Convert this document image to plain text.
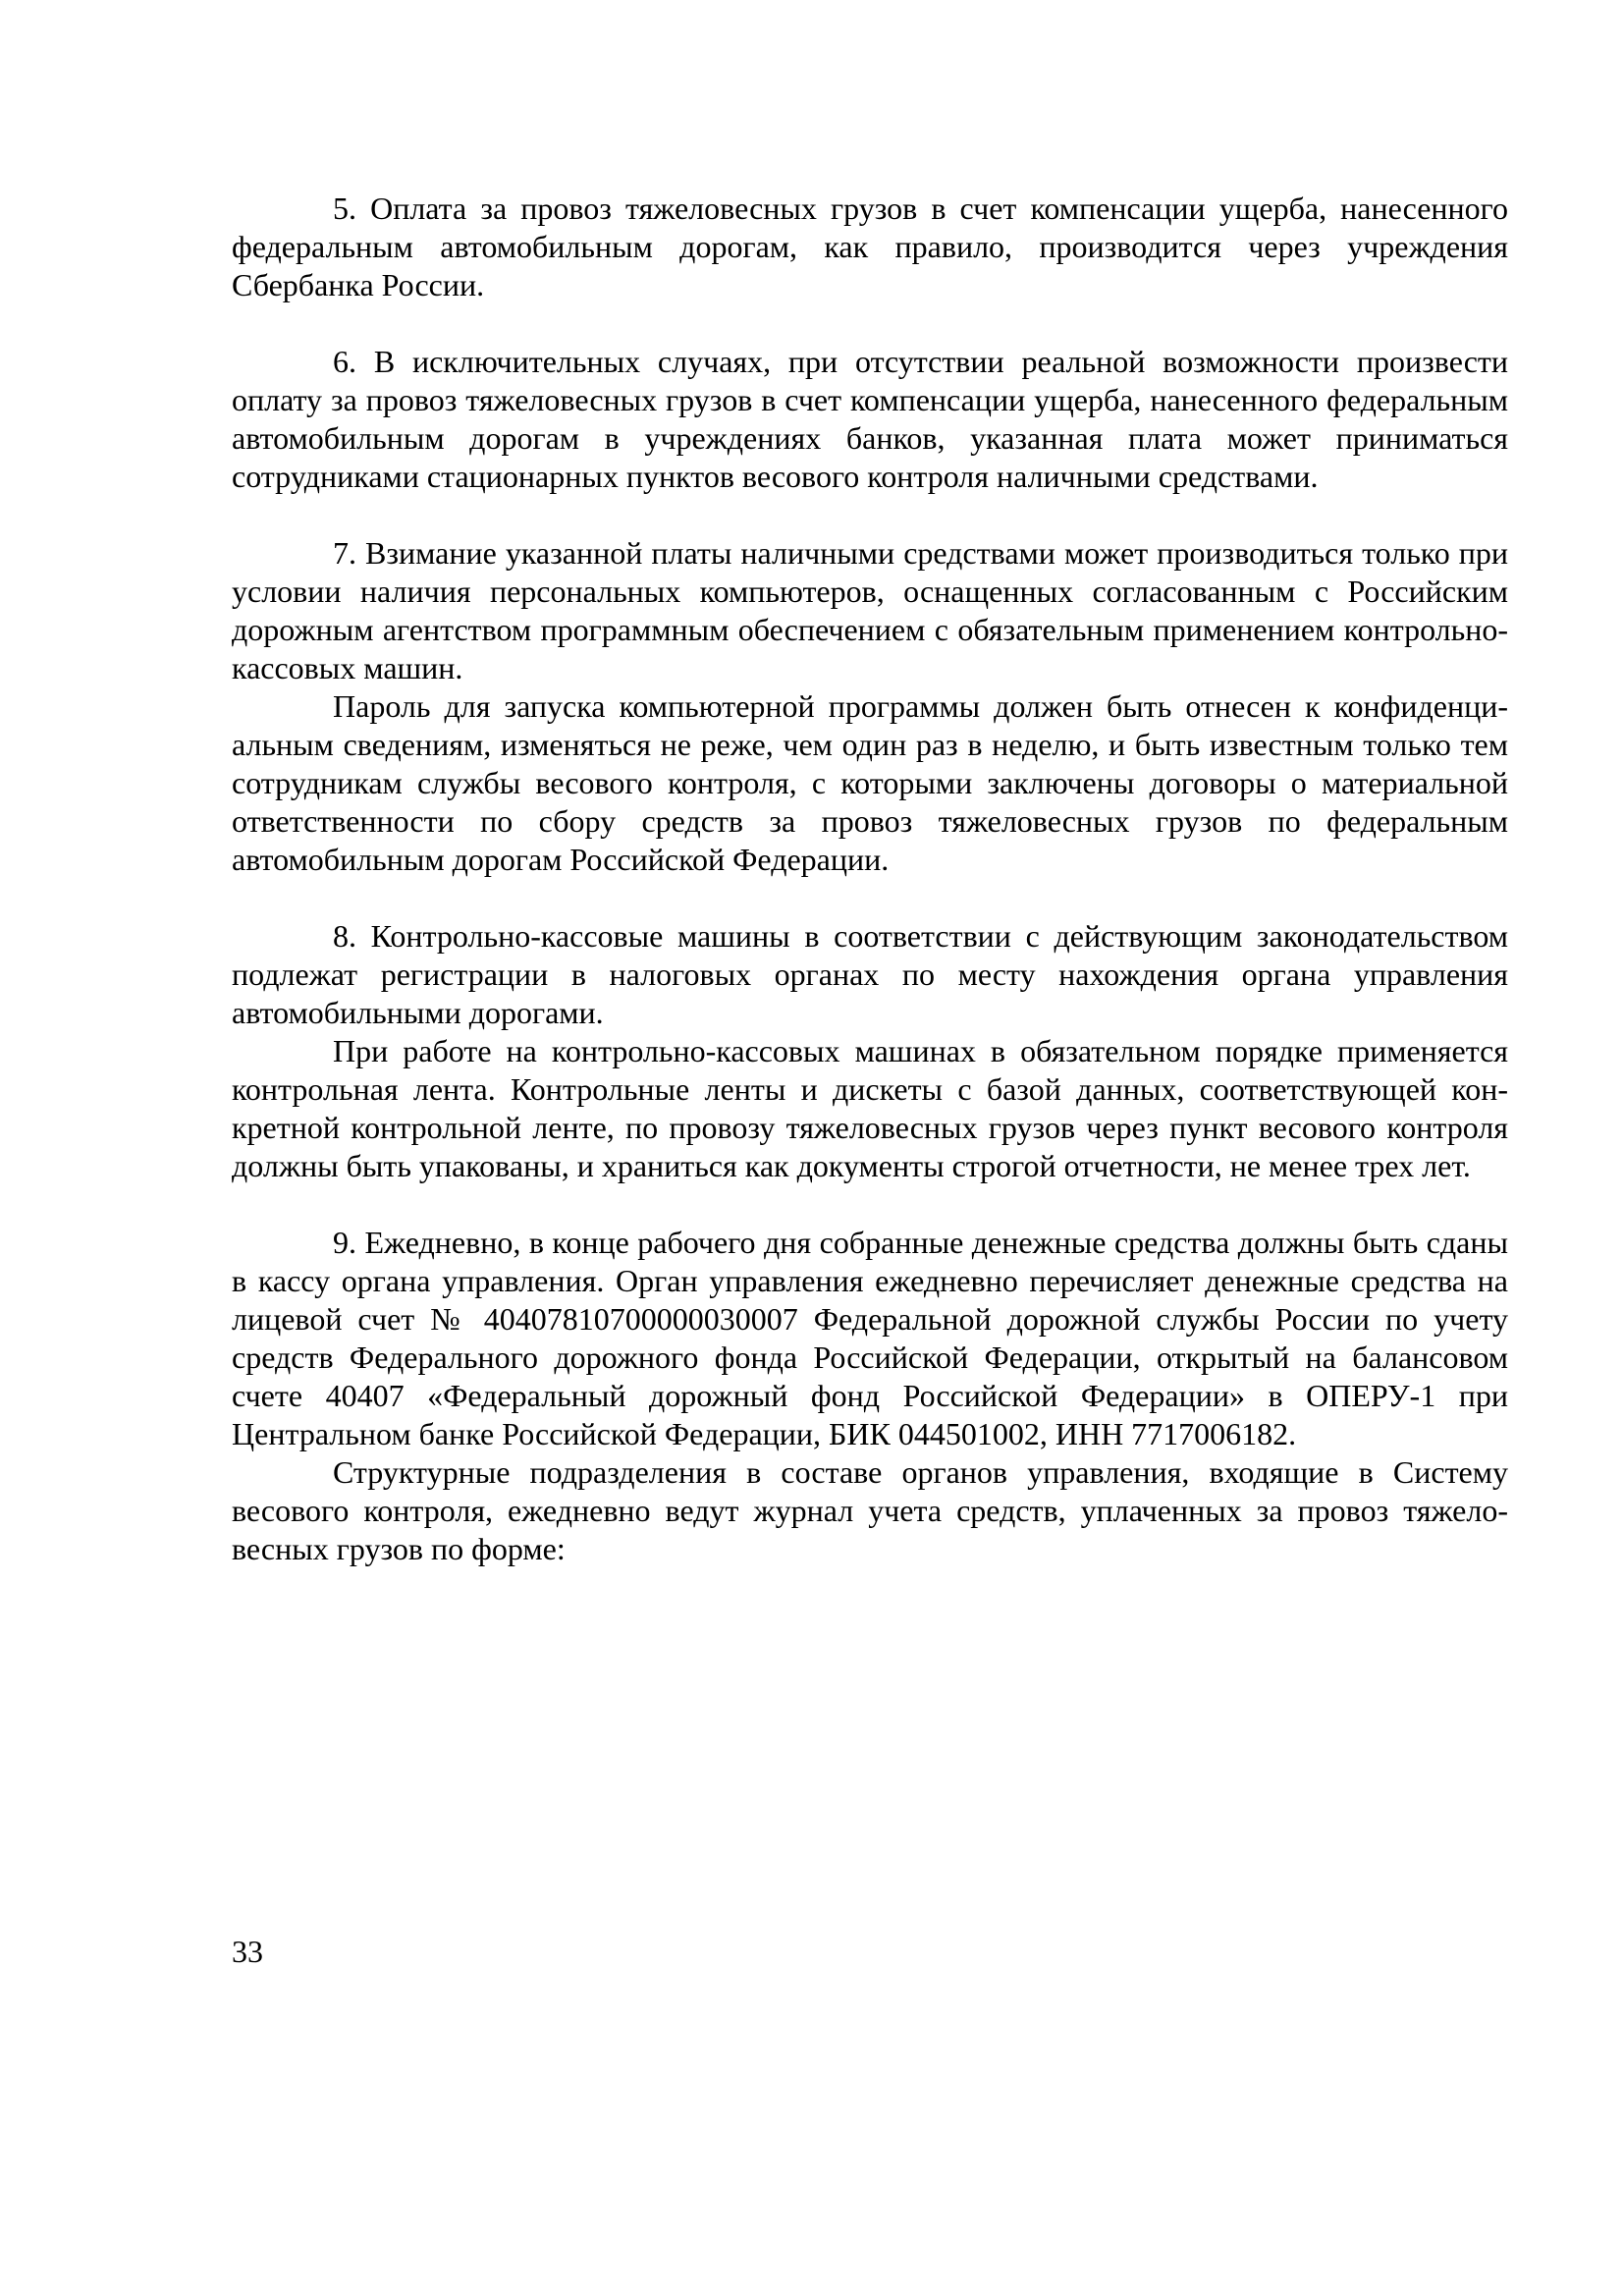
5. Оплата за провоз тяжеловесных грузов в счет компенсации ущерба, нанесенного федеральным автомобильным дорогам, как правило, производится через учреждения Сбербанка России.

6. В исключительных случаях, при отсутствии реальной возможности произвести оплату за провоз тяжеловесных грузов в счет компенсации ущерба, нанесенного федеральным автомобильным дорогам в учреждениях банков, указанная плата может приниматься сотрудниками стационарных пунктов весового контроля наличными средствами.

7. Взимание указанной платы наличными средствами может производиться только при условии наличия персональных компьютеров, оснащенных согласованным с Российским дорожным агентством программным обеспечением с обязательным применением контрольно-кассовых машин.

Пароль для запуска компьютерной программы должен быть отнесен к конфиденциальным сведениям, изменяться не реже, чем один раз в неделю, и быть известным только тем сотрудникам службы весового контроля, с которыми заключены договоры о материальной ответственности по сбору средств за провоз тяжеловесных грузов по федеральным автомобильным дорогам Российской Федерации.

8. Контрольно-кассовые машины в соответствии с действующим законодательством подлежат регистрации в налоговых органах по месту нахождения органа управления автомобильными дорогами.

При работе на контрольно-кассовых машинах в обязательном порядке применяется контрольная лента. Контрольные ленты и дискеты с базой данных, соответствующей конкретной контрольной ленте, по провозу тяжеловесных грузов через пункт весового контроля должны быть упакованы, и храниться как документы строгой отчетности, не менее трех лет.

9. Ежедневно, в конце рабочего дня собранные денежные средства должны быть сданы в кассу органа управления. Орган управления ежедневно перечисляет денежные средства на лицевой счет № 40407810700000030007 Федеральной дорожной службы России по учету средств Федерального дорожного фонда Российской Федерации, открытый на балансовом счете 40407 «Федеральный дорожный фонд Российской Федерации» в ОПЕРУ-1 при Центральном банке Российской Федерации, БИК 044501002, ИНН 7717006182.

Структурные подразделения в составе органов управления, входящие в Систему весового контроля, ежедневно ведут журнал учета средств, уплаченных за провоз тяжеловесных грузов по форме:

33
